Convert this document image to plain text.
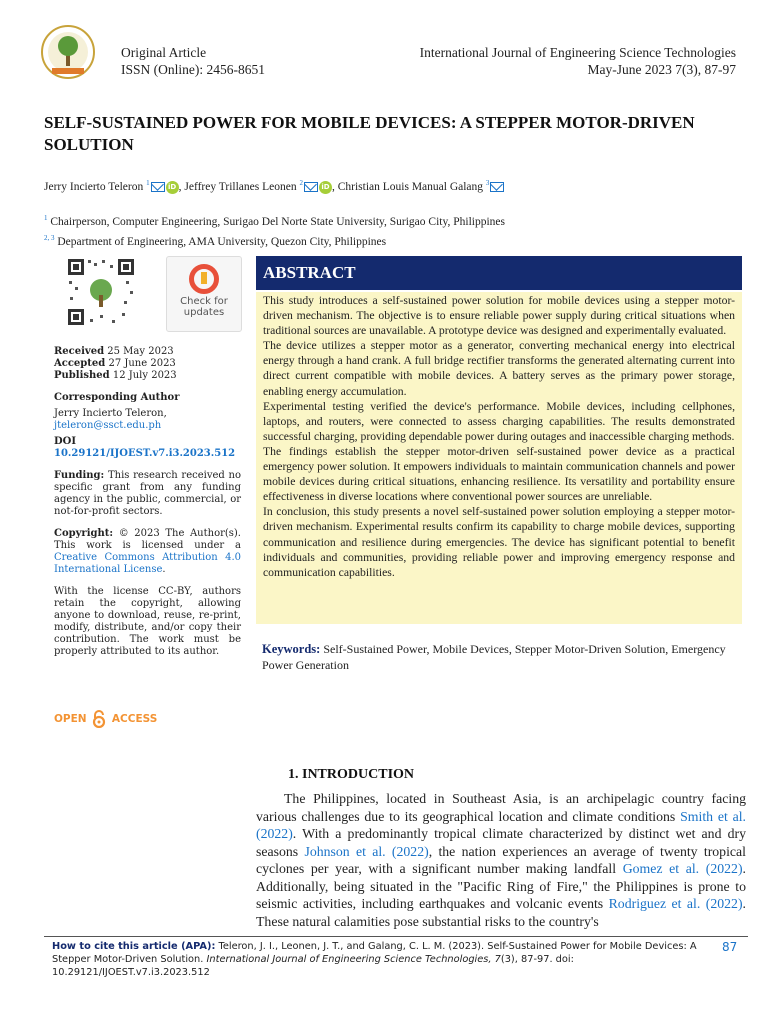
Original Article
ISSN (Online): 2456-8651
International Journal of Engineering Science Technologies
May-June 2023 7(3), 87-97
SELF-SUSTAINED POWER FOR MOBILE DEVICES: A STEPPER MOTOR-DRIVEN SOLUTION
Jerry Incierto Teleron $^1$	iD , Jeffrey Trillanes Leonen $^2$	iD , Christian Louis Manual Galang $^3$
$^1$ Chairperson, Computer Engineering, Surigao Del Norte State University, Surigao City, Philippines
$^{2, 3}$ Department of Engineering, AMA University, Quezon City, Philippines
Check for
updates

Received 25 May 2023

Accepted 27 June 2023

Published 12 July 2023

Corresponding Author

Jerry Incierto Teleron,

jteleron@ssct.edu.ph

DOI 10.29121/IJOEST.v7.i3.2023.512

Funding: This research received no specific grant from any funding agency in the public, commercial, or not-for-profit sectors.

Copyright: © 2023 The Author(s). This work is licensed under a Creative Commons Attribution 4.0 International License.

With the license CC-BY, authors retain the copyright, allowing anyone to download, reuse, re-print, modify, distribute, and/or copy their contribution. The work must be properly attributed to its author.

OPEN ACCESS
ABSTRACT

This study introduces a self-sustained power solution for mobile devices using a stepper motor-driven mechanism. The objective is to ensure reliable power supply during critical situations when traditional sources are unavailable. A prototype device was designed and experimentally evaluated.

The device utilizes a stepper motor as a generator, converting mechanical energy into electrical energy through a hand crank. A full bridge rectifier transforms the generated alternating current into direct current compatible with mobile devices. A battery serves as the primary power storage, enabling energy accumulation.

Experimental testing verified the device's performance. Mobile devices, including cellphones, laptops, and routers, were connected to assess charging capabilities. The results demonstrated successful charging, providing dependable power during outages and inaccessible charging methods.

The findings establish the stepper motor-driven self-sustained power device as a practical emergency power solution. It empowers individuals to maintain communication channels and power mobile devices during critical situations, enhancing resilience. Its versatility and portability ensure effectiveness in diverse locations where conventional power sources are unreliable.

In conclusion, this study presents a novel self-sustained power solution employing a stepper motor-driven mechanism. Experimental results confirm its capability to charge mobile devices, supporting communication and resilience during emergencies. The device has significant potential to benefit individuals and communities, providing reliable power and improving emergency response and communication capabilities.

Keywords: Self-Sustained Power, Mobile Devices, Stepper Motor-Driven Solution, Emergency Power Generation
1. INTRODUCTION

The Philippines, located in Southeast Asia, is an archipelagic country facing various challenges due to its geographical location and climate conditions Smith et al. (2022). With a predominantly tropical climate characterized by distinct wet and dry seasons Johnson et al. (2022), the nation experiences an average of twenty tropical cyclones per year, with a significant number making landfall Gomez et al. (2022). Additionally, being situated in the "Pacific Ring of Fire," the Philippines is prone to seismic activities, including earthquakes and volcanic events Rodriguez et al. (2022). These natural calamities pose substantial risks to the country's

How to cite this article (APA): Teleron, J. I., Leonen, J. T., and Galang, C. L. M. (2023). Self-Sustained Power for Mobile Devices: A Stepper Motor-Driven Solution. International Journal of Engineering Science Technologies, 7(3), 87-97. doi: 10.29121/IJOEST.v7.i3.2023.512
87
